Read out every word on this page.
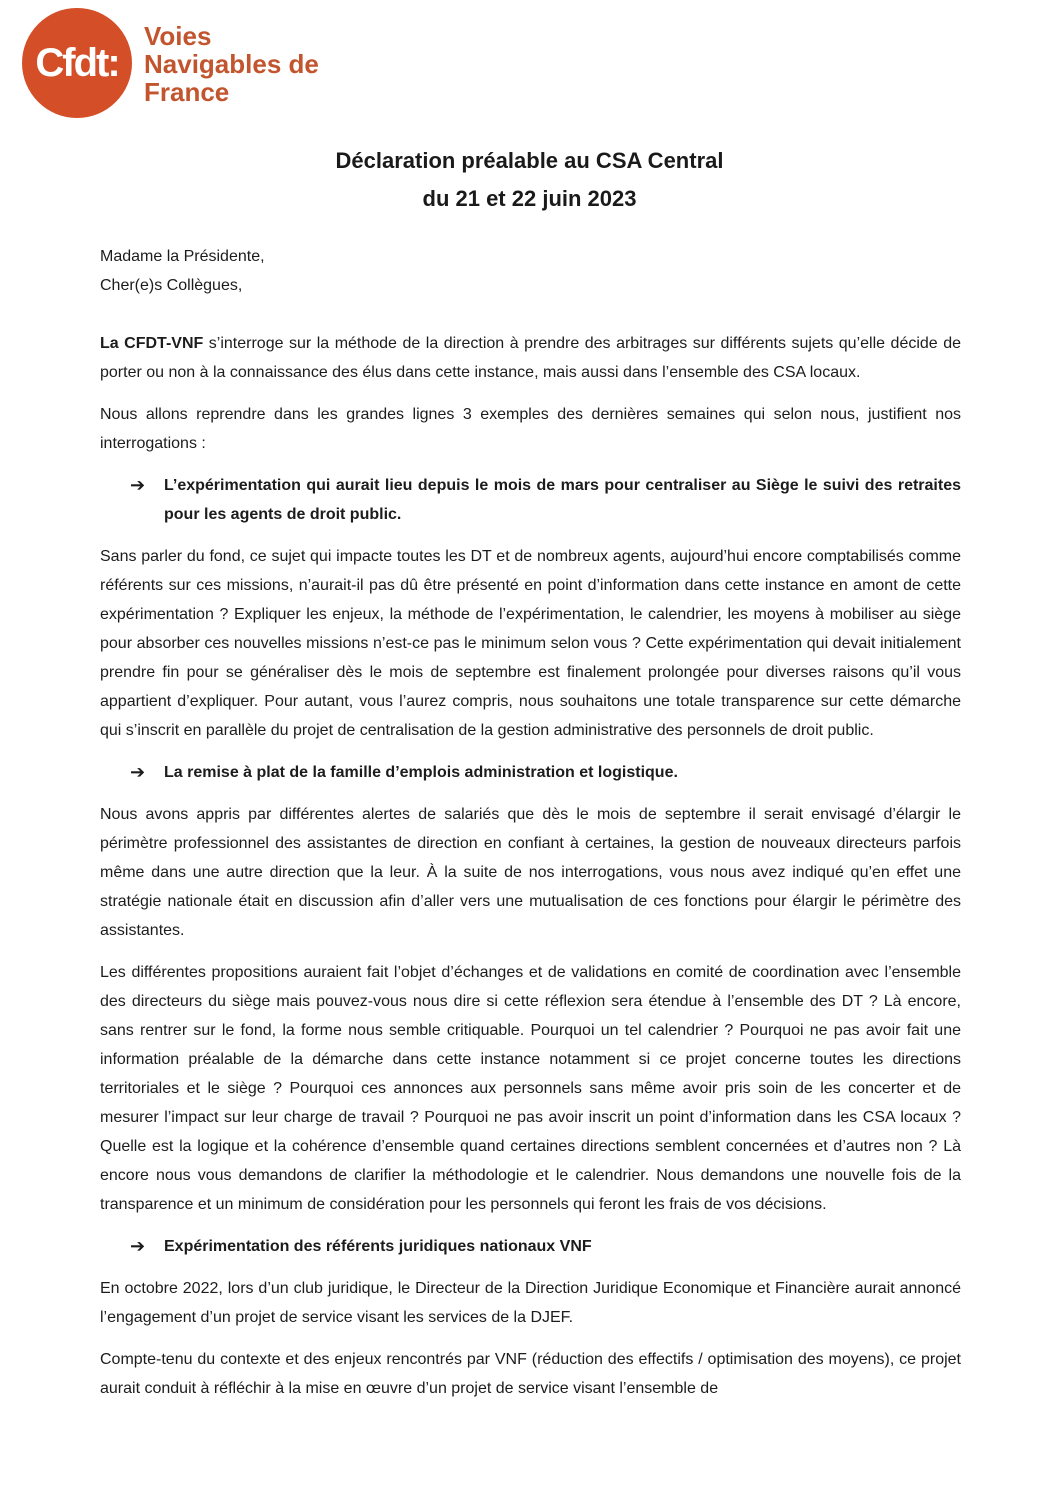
Cfdt:
Voies
Navigables de
France
Déclaration préalable au CSA Central
du 21 et 22 juin 2023

Madame la Présidente,

Cher(e)s Collègues,

La CFDT-VNF s’interroge sur la méthode de la direction à prendre des arbitrages sur différents sujets qu’elle décide de porter ou non à la connaissance des élus dans cette instance, mais aussi dans l’ensemble des CSA locaux.

Nous allons reprendre dans les grandes lignes 3 exemples des dernières semaines qui selon nous, justifient nos interrogations :

➔	L’expérimentation qui aurait lieu depuis le mois de mars pour centraliser au Siège le suivi des retraites pour les agents de droit public.

Sans parler du fond, ce sujet qui impacte toutes les DT et de nombreux agents, aujourd’hui encore comptabilisés comme référents sur ces missions, n’aurait-il pas dû être présenté en point d’information dans cette instance en amont de cette expérimentation ? Expliquer les enjeux, la méthode de l’expérimentation, le calendrier, les moyens à mobiliser au siège pour absorber ces nouvelles missions n’est-ce pas le minimum selon vous ? Cette expérimentation qui devait initialement prendre fin pour se généraliser dès le mois de septembre est finalement prolongée pour diverses raisons qu’il vous appartient d’expliquer. Pour autant, vous l’aurez compris, nous souhaitons une totale transparence sur cette démarche qui s’inscrit en parallèle du projet de centralisation de la gestion administrative des personnels de droit public.

➔	La remise à plat de la famille d’emplois administration et logistique.

Nous avons appris par différentes alertes de salariés que dès le mois de septembre il serait envisagé d’élargir le périmètre professionnel des assistantes de direction en confiant à certaines, la gestion de nouveaux directeurs parfois même dans une autre direction que la leur. À la suite de nos interrogations, vous nous avez indiqué qu’en effet une stratégie nationale était en discussion afin d’aller vers une mutualisation de ces fonctions pour élargir le périmètre des assistantes.

Les différentes propositions auraient fait l’objet d’échanges et de validations en comité de coordination avec l’ensemble des directeurs du siège mais pouvez-vous nous dire si cette réflexion sera étendue à l’ensemble des DT ? Là encore, sans rentrer sur le fond, la forme nous semble critiquable. Pourquoi un tel calendrier ? Pourquoi ne pas avoir fait une information préalable de la démarche dans cette instance notamment si ce projet concerne toutes les directions territoriales et le siège ? Pourquoi ces annonces aux personnels sans même avoir pris soin de les concerter et de mesurer l’impact sur leur charge de travail ? Pourquoi ne pas avoir inscrit un point d’information dans les CSA locaux ? Quelle est la logique et la cohérence d’ensemble quand certaines directions semblent concernées et d’autres non ? Là encore nous vous demandons de clarifier la méthodologie et le calendrier. Nous demandons une nouvelle fois de la transparence et un minimum de considération pour les personnels qui feront les frais de vos décisions.

➔	Expérimentation des référents juridiques nationaux VNF

En octobre 2022, lors d’un club juridique, le Directeur de la Direction Juridique Economique et Financière aurait annoncé l’engagement d’un projet de service visant les services de la DJEF.

Compte-tenu du contexte et des enjeux rencontrés par VNF (réduction des effectifs / optimisation des moyens), ce projet aurait conduit à réfléchir à la mise en œuvre d’un projet de service visant l’ensemble de
